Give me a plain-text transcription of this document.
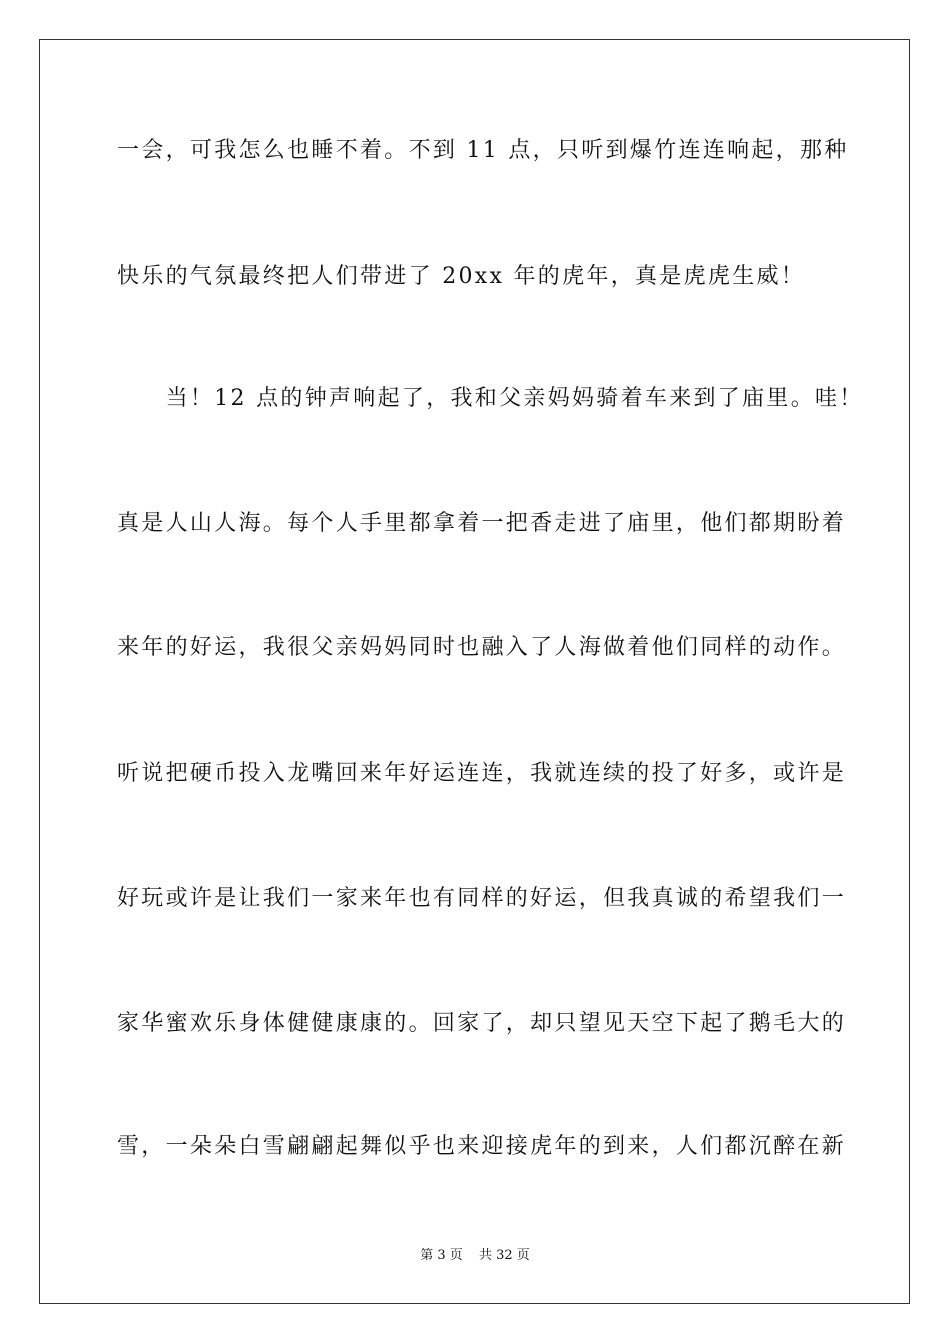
一会，可我怎么也睡不着。不到 11 点，只听到爆竹连连响起，那种
快乐的气氛最终把人们带进了 20xx 年的虎年，真是虎虎生威！
　　当！12 点的钟声响起了，我和父亲妈妈骑着车来到了庙里。哇！
真是人山人海。每个人手里都拿着一把香走进了庙里，他们都期盼着
来年的好运，我很父亲妈妈同时也融入了人海做着他们同样的动作。
听说把硬币投入龙嘴回来年好运连连，我就连续的投了好多，或许是
好玩或许是让我们一家来年也有同样的好运，但我真诚的希望我们一
家华蜜欢乐身体健健康康的。回家了，却只望见天空下起了鹅毛大的
雪，一朵朵白雪翩翩起舞似乎也来迎接虎年的到来，人们都沉醉在新
第 3 页 共 32 页
